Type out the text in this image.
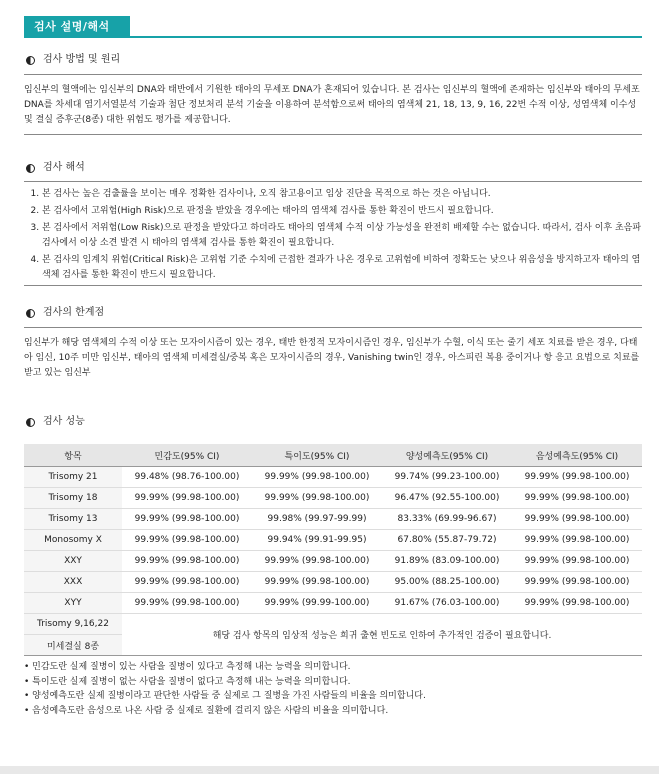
검사 설명/해석
검사 방법 및 원리
임신부의 혈액에는 임신부의 DNA와 태반에서 기원한 태아의 무세포 DNA가 혼재되어 있습니다. 본 검사는 임신부의 혈액에 존재하는 임신부와 태아의 무세포 DNA를 차세대 염기서열분석 기술과 첨단 정보처리 분석 기술을 이용하여 분석함으로써 태아의 염색체 21, 18, 13, 9, 16, 22번 수적 이상, 성염색체 이수성 및 결실 증후군(8종) 대한 위험도 평가를 제공합니다.
검사 해석
1. 본 검사는 높은 검출률을 보이는 매우 정확한 검사이나, 오직 참고용이고 임상 진단을 목적으로 하는 것은 아닙니다.
2. 본 검사에서 고위험(High Risk)으로 판정을 받았을 경우에는 태아의 염색체 검사를 통한 확진이 반드시 필요합니다.
3. 본 검사에서 저위험(Low Risk)으로 판정을 받았다고 하더라도 태아의 염색체 수적 이상 가능성을 완전히 배제할 수는 없습니다. 따라서, 검사 이후 초음파 검사에서 이상 소견 발견 시 태아의 염색체 검사를 통한 확진이 필요합니다.
4. 본 검사의 임계치 위험(Critical Risk)은 고위험 기준 수치에 근접한 결과가 나온 경우로 고위험에 비하여 정확도는 낮으나 위음성을 방지하고자 태아의 염색체 검사를 통한 확진이 반드시 필요합니다.
검사의 한계점
임신부가 해당 염색체의 수적 이상 또는 모자이시즘이 있는 경우, 태반 한정적 모자이시즘인 경우, 임신부가 수혈, 이식 또는 줄기 세포 치료를 받은 경우, 다태아 임신, 10주 미만 임신부, 태아의 염색체 미세결실/중복 혹은 모자이시즘의 경우, Vanishing twin인 경우, 아스피린 복용 중이거나 항 응고 요법으로 치료를 받고 있는 임신부
검사 성능
항목	민감도(95% CI)	특이도(95% CI)	양성예측도(95% CI)	음성예측도(95% CI)
Trisomy 21	99.48% (98.76-100.00)	99.99% (99.98-100.00)	99.74% (99.23-100.00)	99.99% (99.98-100.00)
Trisomy 18	99.99% (99.98-100.00)	99.99% (99.98-100.00)	96.47% (92.55-100.00)	99.99% (99.98-100.00)
Trisomy 13	99.99% (99.98-100.00)	99.98% (99.97-99.99)	83.33% (69.99-96.67)	99.99% (99.98-100.00)
Monosomy X	99.99% (99.98-100.00)	99.94% (99.91-99.95)	67.80% (55.87-79.72)	99.99% (99.98-100.00)
XXY	99.99% (99.98-100.00)	99.99% (99.98-100.00)	91.89% (83.09-100.00)	99.99% (99.98-100.00)
XXX	99.99% (99.98-100.00)	99.99% (99.98-100.00)	95.00% (88.25-100.00)	99.99% (99.98-100.00)
XYY	99.99% (99.98-100.00)	99.99% (99.99-100.00)	91.67% (76.03-100.00)	99.99% (99.98-100.00)
Trisomy 9,16,22	해당 검사 항목의 임상적 성능은 희귀 출현 빈도로 인하여 추가적인 검증이 필요합니다.			
미세결실 8종				
• 민감도란 실제 질병이 있는 사람을 질병이 있다고 측정해 내는 능력을 의미합니다.
• 특이도란 실제 질병이 없는 사람을 질병이 없다고 측정해 내는 능력을 의미합니다.
• 양성예측도란 실제 질병이라고 판단한 사람들 중 실제로 그 질병을 가진 사람들의 비율을 의미합니다.
• 음성예측도란 음성으로 나온 사람 중 실제로 질환에 걸리지 않은 사람의 비율을 의미합니다.
